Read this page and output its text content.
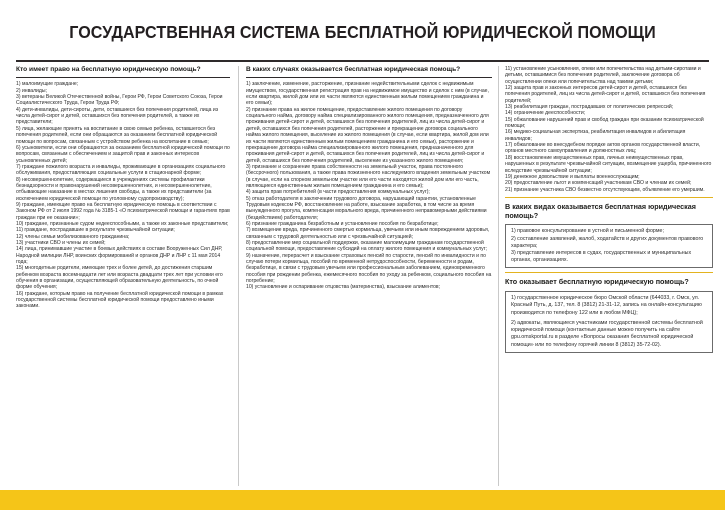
ГОСУДАРСТВЕННАЯ СИСТЕМА БЕСПЛАТНОЙ ЮРИДИЧЕСКОЙ ПОМОЩИ
Кто имеет право на бесплатную юридическую помощь?

1) малоимущие граждане;

2) инвалиды;

3) ветераны Великой Отечественной войны, Герои РФ, Герои Советского Союза, Герои Социалистического Труда, Герои Труда РФ;

4) дети-инвалиды, дети-сироты, дети, оставшиеся без попечения родителей, лица из числа детей-сирот и детей, оставшихся без попечения родителей, а также их представители;

5) лица, желающие принять на воспитание в свою семью ребенка, оставшегося без попечения родителей, если они обращаются за оказанием бесплатной юридической помощи по вопросам, связанным с устройством ребенка на воспитание в семью;

6) усыновители, если они обращаются за оказанием бесплатной юридической помощи по вопросам, связанным с обеспечением и защитой прав и законных интересов усыновленных детей;

7) граждане пожилого возраста и инвалиды, проживающие в организациях социального обслуживания, предоставляющих социальные услуги в стационарной форме;

8) несовершеннолетние, содержащиеся в учреждениях системы профилактики безнадзорности и правонарушений несовершеннолетних, и несовершеннолетние, отбывающие наказание в местах лишения свободы, а также их представители (за исключением юридической помощи по уголовному судопроизводству);

9) граждане, имеющие право на бесплатную юридическую помощь в соответствии с Законом РФ от 2 июля 1992 года № 3185-1 «О психиатрической помощи и гарантиях прав граждан при ее оказании»;

10) граждане, признанные судом недееспособными, а также их законные представители;

11) граждане, пострадавшие в результате чрезвычайной ситуации;

12) члены семьи мобилизованного гражданина;

13) участники СВО и члены их семей;

14) лица, принимавшие участие в боевых действиях в составе Вооруженных Сил ДНР, Народной милиции ЛНР, воинских формирований и органов ДНР и ЛНР с 11 мая 2014 года;

15) многодетные родители, имеющие трех и более детей, до достижения старшим ребенком возраста восемнадцати лет или возраста двадцати трех лет при условии его обучения в организации, осуществляющей образовательную деятельность, по очной форме обучения;

16) граждане, которым право на получение бесплатной юридической помощи в рамках государственной системы бесплатной юридической помощи предоставлено иными законами.

В каких случаях оказывается бесплатная юридическая помощь?

1) заключение, изменение, расторжение, признание недействительными сделок с недвижимым имуществом, государственная регистрация прав на недвижимое имущество и сделок с ним (в случае, если квартира, жилой дом или их части являются единственным жилым помещением гражданина и его семьи);

2) признание права на жилое помещение, предоставление жилого помещения по договору социального найма, договору найма специализированного жилого помещения, предназначенного для проживания детей-сирот и детей, оставшихся без попечения родителей, лиц из числа детей-сирот и детей, оставшихся без попечения родителей, расторжение и прекращение договора социального найма жилого помещения, выселение из жилого помещения (в случае, если квартира, жилой дом или их части являются единственным жилым помещением гражданина и его семьи), расторжение и прекращение договора найма специализированного жилого помещения, предназначенного для проживания детей-сирот и детей, оставшихся без попечения родителей, лиц из числа детей-сирот и детей, оставшихся без попечения родителей, выселение из указанного жилого помещения;

3) признание и сохранение права собственности на земельный участок, права постоянного (бессрочного) пользования, а также права пожизненного наследуемого владения земельным участком (в случае, если на спорном земельном участке или его части находятся жилой дом или его часть, являющиеся единственным жилым помещением гражданина и его семьи);

4) защита прав потребителей (в части предоставления коммунальных услуг);

5) отказ работодателя в заключении трудового договора, нарушающий гарантии, установленные Трудовым кодексом РФ, восстановление на работе, взыскание заработка, в том числе за время вынужденного прогула, компенсации морального вреда, причиненного неправомерными действиями (бездействием) работодателя;

6) признание гражданина безработным и установление пособия по безработице;

7) возмещение вреда, причиненного смертью кормильца, увечьем или иным повреждением здоровья, связанным с трудовой деятельностью или с чрезвычайной ситуацией;

8) предоставление мер социальной поддержки, оказание малоимущим гражданам государственной социальной помощи, предоставление субсидий на оплату жилого помещения и коммунальных услуг;

9) назначение, перерасчет и взыскание страховых пенсий по старости, пенсий по инвалидности и по случаю потери кормильца, пособий по временной нетрудоспособности, беременности и родам, безработице, в связи с трудовым увечьем или профессиональным заболеванием, единовременного пособия при рождении ребенка, ежемесячного пособия по уходу за ребенком, социального пособия на погребение;

10) установление и оспаривание отцовства (материнства), взыскание алиментов;

11) установление усыновления, опеки или попечительства над детьми-сиротами и детьми, оставшимися без попечения родителей, заключение договора об осуществлении опеки или попечительства над такими детьми;

12) защита прав и законных интересов детей-сирот и детей, оставшихся без попечения родителей, лиц из числа детей-сирот и детей, оставшихся без попечения родителей;

13) реабилитация граждан, пострадавших от политических репрессий;

14) ограничение дееспособности;

15) обжалование нарушений прав и свобод граждан при оказании психиатрической помощи;

16) медико-социальная экспертиза, реабилитация инвалидов и абилитация инвалидов;

17) обжалование во внесудебном порядке актов органов государственной власти, органов местного самоуправления и должностных лиц;

18) восстановление имущественных прав, личных неимущественных прав, нарушенных в результате чрезвычайной ситуации, возмещение ущерба, причиненного вследствие чрезвычайной ситуации;

19) денежное довольствие и выплаты военнослужащим;

20) предоставление льгот и компенсаций участникам СВО и членам их семей;

21) признание участника СВО безвестно отсутствующим, объявление его умершим.

В каких видах оказывается бесплатная юридическая помощь?

1) правовое консультирование в устной и письменной форме;

2) составление заявлений, жалоб, ходатайств и других документов правового характера;

3) представление интересов в судах, государственных и муниципальных органах, организациях.

Кто оказывает бесплатную юридическую помощь?

1) государственное юридическое бюро Омской области (644033, г. Омск, ул. Красный Путь, д. 137, тел. 8 (3812) 21-31-12, запись на онлайн-консультацию производится по телефону 122 или в любом МФЦ);

2) адвокаты, являющиеся участниками государственной системы бесплатной юридической помощи (контактные данные можно получить на сайте gpu.omskportal.ru в разделе «Вопросы оказания бесплатной юридической помощи» или по телефону горячей линии 8 (3812) 35-72-02).
